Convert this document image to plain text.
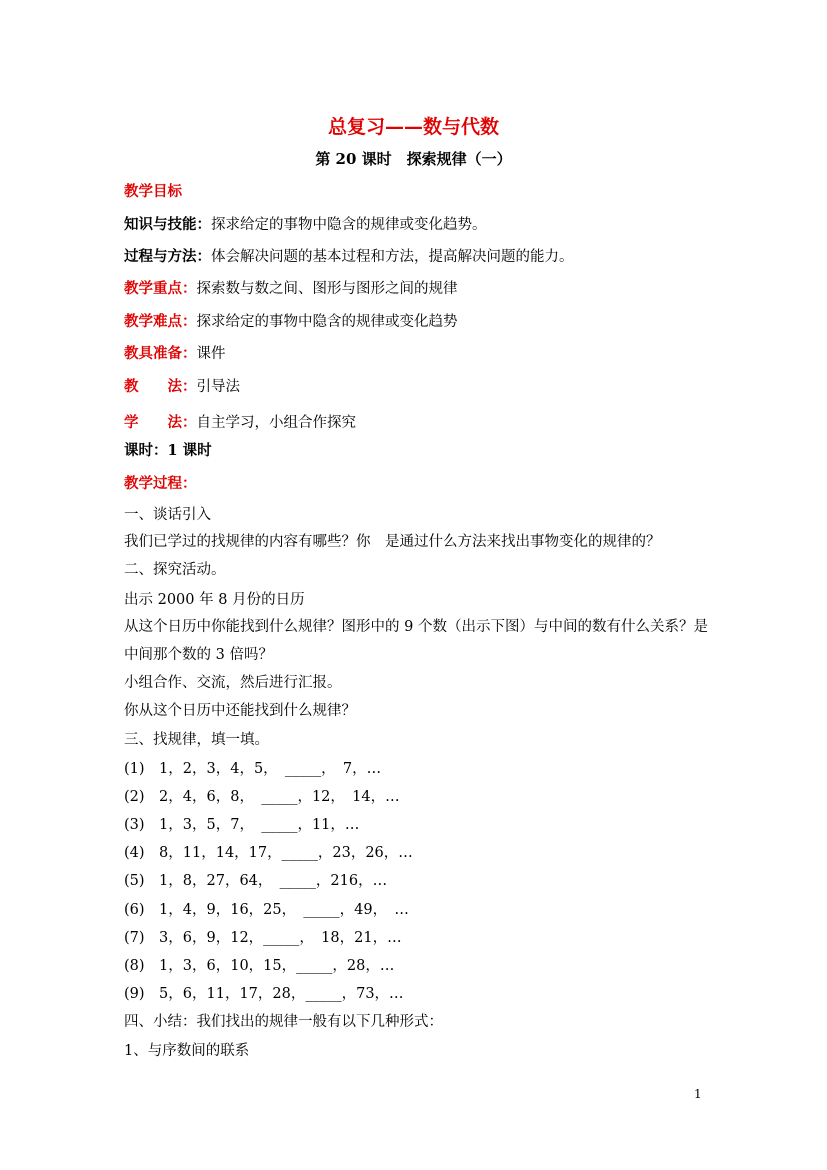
总复习——数与代数
第 20 课时　探索规律（一）
教学目标
知识与技能：探求给定的事物中隐含的规律或变化趋势。
过程与方法：体会解决问题的基本过程和方法，提高解决问题的能力。
教学重点：探索数与数之间、图形与图形之间的规律
教学难点：探求给定的事物中隐含的规律或变化趋势
教具准备：课件
教　　法：引导法
学　　法：自主学习，小组合作探究
课时：1 课时
教学过程：
一、谈话引入
我们已学过的找规律的内容有哪些？你　是通过什么方法来找出事物变化的规律的？
二、探究活动。
出示 2000 年 8 月份的日历
从这个日历中你能找到什么规律？图形中的 9 个数（出示下图）与中间的数有什么关系？是
中间那个数的 3 倍吗？
小组合作、交流，然后进行汇报。
你从这个日历中还能找到什么规律？
三、找规律，填一填。
(1)　1，2，3，4，5，　_____，　7，…
(2)　2，4，6，8，　_____，12，　14，…
(3)　1，3，5，7，　_____，11，…
(4)　8，11，14，17，_____，23，26，…
(5)　1，8，27，64，　_____，216，…
(6)　1，4，9，16，25，　_____，49，　…
(7)　3，6，9，12，_____，　18，21，…
(8)　1，3，6，10，15，_____，28，…
(9)　5，6，11，17，28，_____，73，…
四、小结：我们找出的规律一般有以下几种形式：
1、与序数间的联系
1
